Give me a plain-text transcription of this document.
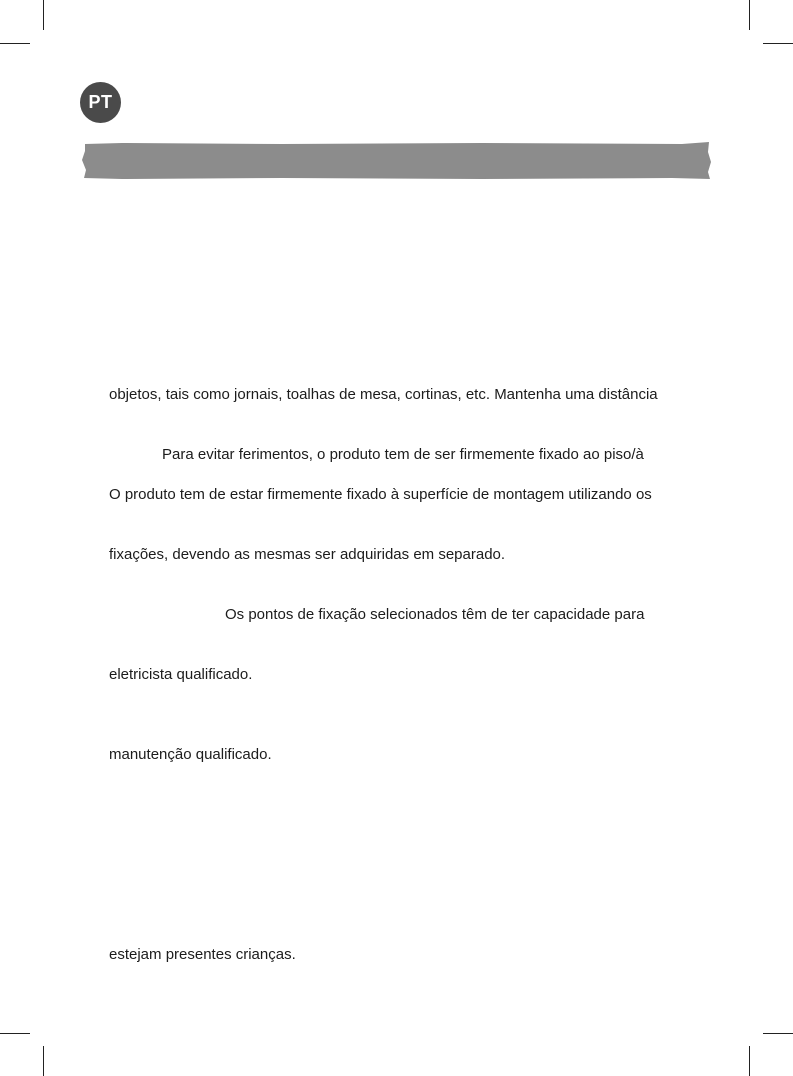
PT
objetos, tais como jornais, toalhas de mesa, cortinas, etc. Mantenha uma distância
Para evitar ferimentos, o produto tem de ser firmemente fixado ao piso/à
O produto tem de estar firmemente fixado à superfície de montagem utilizando os
fixações, devendo as mesmas ser adquiridas em separado.
Os pontos de fixação selecionados têm de ter capacidade para
eletricista qualificado.
manutenção qualificado.
estejam presentes crianças.
